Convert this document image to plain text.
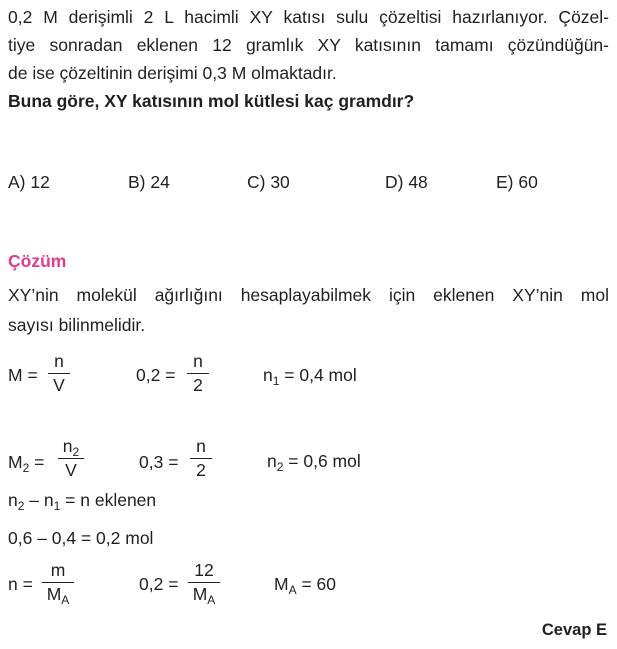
0,2 M derişimli 2 L hacimli XY katısı sulu çözeltisi hazırlanıyor. Çözel-
tiye sonradan eklenen 12 gramlık XY katısının tamamı çözündüğün-
de ise çözeltinin derişimi 0,3 M olmaktadır.
Buna göre, XY katısının mol kütlesi kaç gramdır?
A) 12	B) 24	C) 30	D) 48	E) 60
Çözüm
XY’nin molekül ağırlığını hesaplayabilmek için eklenen XY’nin mol
sayısı bilinmelidir.
M =
n
V	0,2 =
n
2	$n_1 = 0,4$ mol
$M_2$ =
$n_2$
V	0,3 =
n
2	$n_2 = 0,6$ mol
$n_2 - n_1 = n$ eklenen
0,6 – 0,4 = 0,2 mol
n =
m
$M_A$
0,2 =
12
$M_A$
$M_A = 60$
Cevap E
